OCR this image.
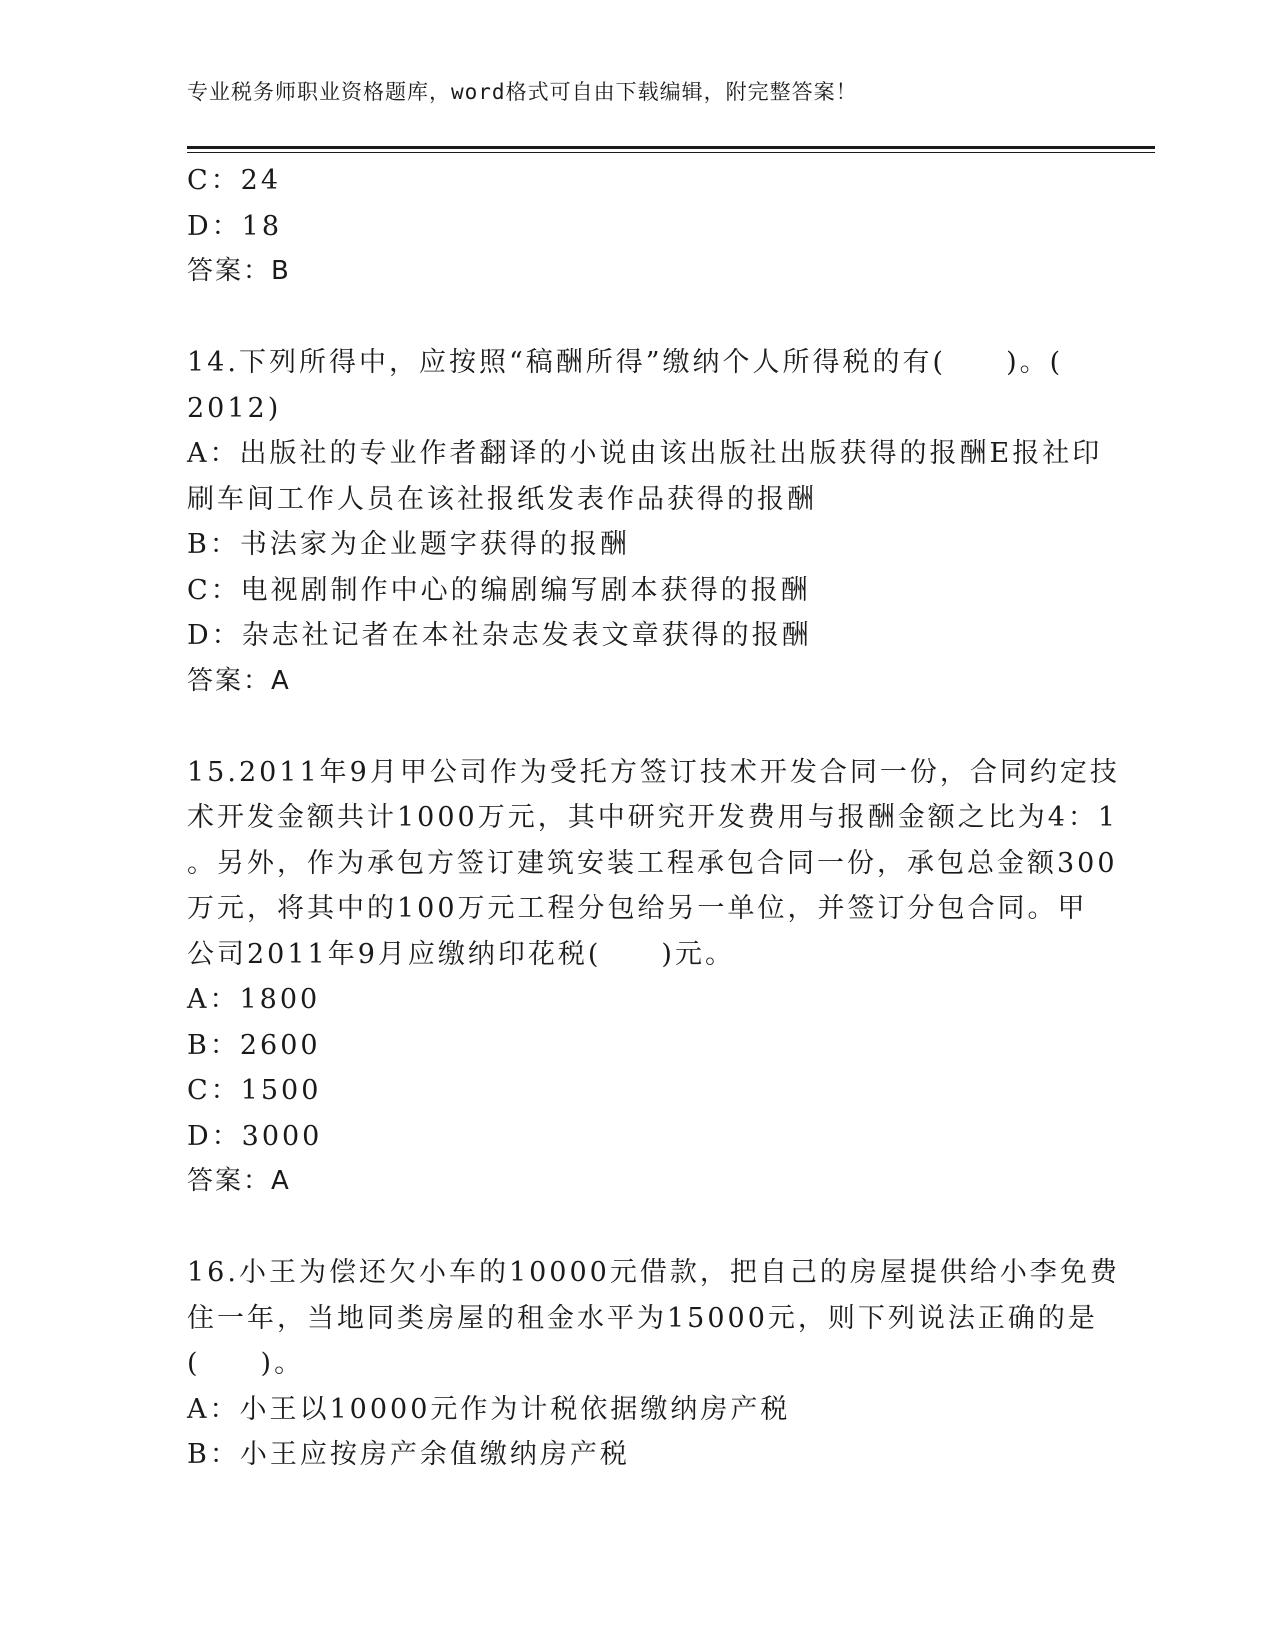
专业税务师职业资格题库，word格式可自由下载编辑，附完整答案！
C：24
D：18
答案：B
14.下列所得中，应按照“稿酬所得”缴纳个人所得税的有(　　)。(
2012)
A：出版社的专业作者翻译的小说由该出版社出版获得的报酬E报社印
刷车间工作人员在该社报纸发表作品获得的报酬
B：书法家为企业题字获得的报酬
C：电视剧制作中心的编剧编写剧本获得的报酬
D：杂志社记者在本社杂志发表文章获得的报酬
答案：A
15.2011年9月甲公司作为受托方签订技术开发合同一份，合同约定技
术开发金额共计1000万元，其中研究开发费用与报酬金额之比为4：1
。另外，作为承包方签订建筑安装工程承包合同一份，承包总金额300
万元，将其中的100万元工程分包给另一单位，并签订分包合同。甲
公司2011年9月应缴纳印花税(　　)元。
A：1800
B：2600
C：1500
D：3000
答案：A
16.小王为偿还欠小车的10000元借款，把自己的房屋提供给小李免费
住一年，当地同类房屋的租金水平为15000元，则下列说法正确的是
(　　)。
A：小王以10000元作为计税依据缴纳房产税
B：小王应按房产余值缴纳房产税
